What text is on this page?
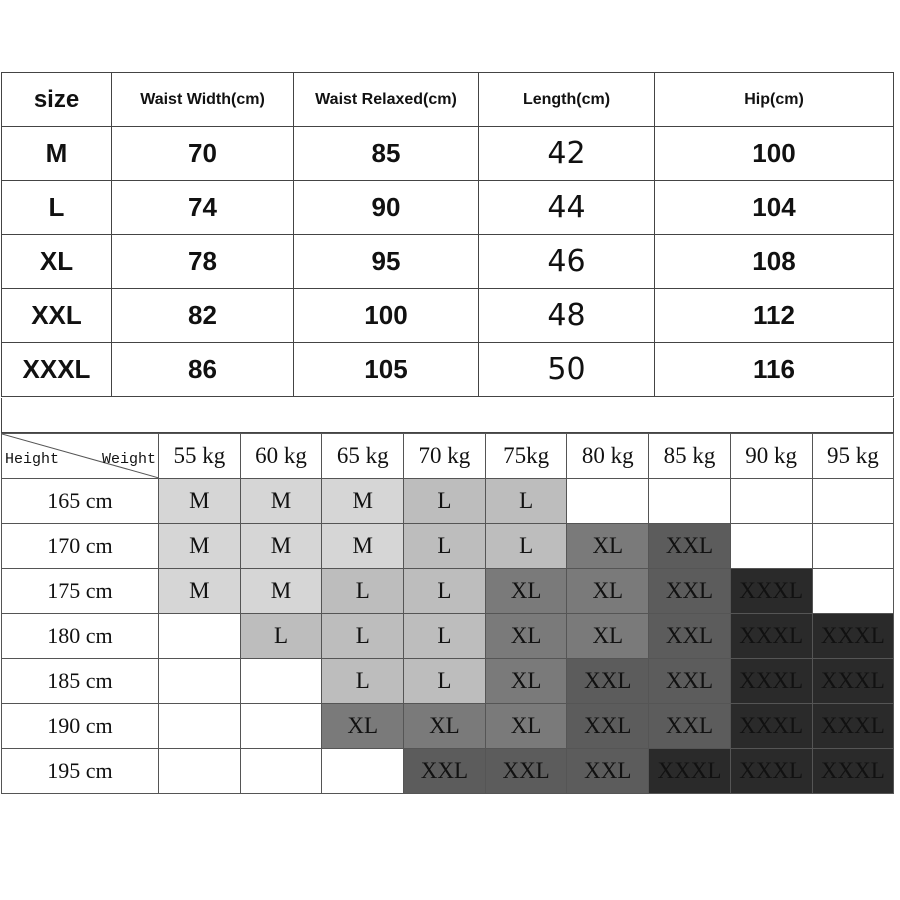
size	Waist Width(cm)	Waist Relaxed(cm)	Length(cm)	Hip(cm)
M	70	85	42	100
L	74	90	44	104
XL	78	95	46	108
XXL	82	100	48	112
XXXL	86	105	50	116
Height Weight	55 kg	60 kg	65 kg	70 kg	75kg	80 kg	85 kg	90 kg	95 kg
165 cm	M	M	M	L	L				
170 cm	M	M	M	L	L	XL	XXL		
175 cm	M	M	L	L	XL	XL	XXL	XXXL	
180 cm		L	L	L	XL	XL	XXL	XXXL	XXXL
185 cm			L	L	XL	XXL	XXL	XXXL	XXXL
190 cm			XL	XL	XL	XXL	XXL	XXXL	XXXL
195 cm				XXL	XXL	XXL	XXXL	XXXL	XXXL
